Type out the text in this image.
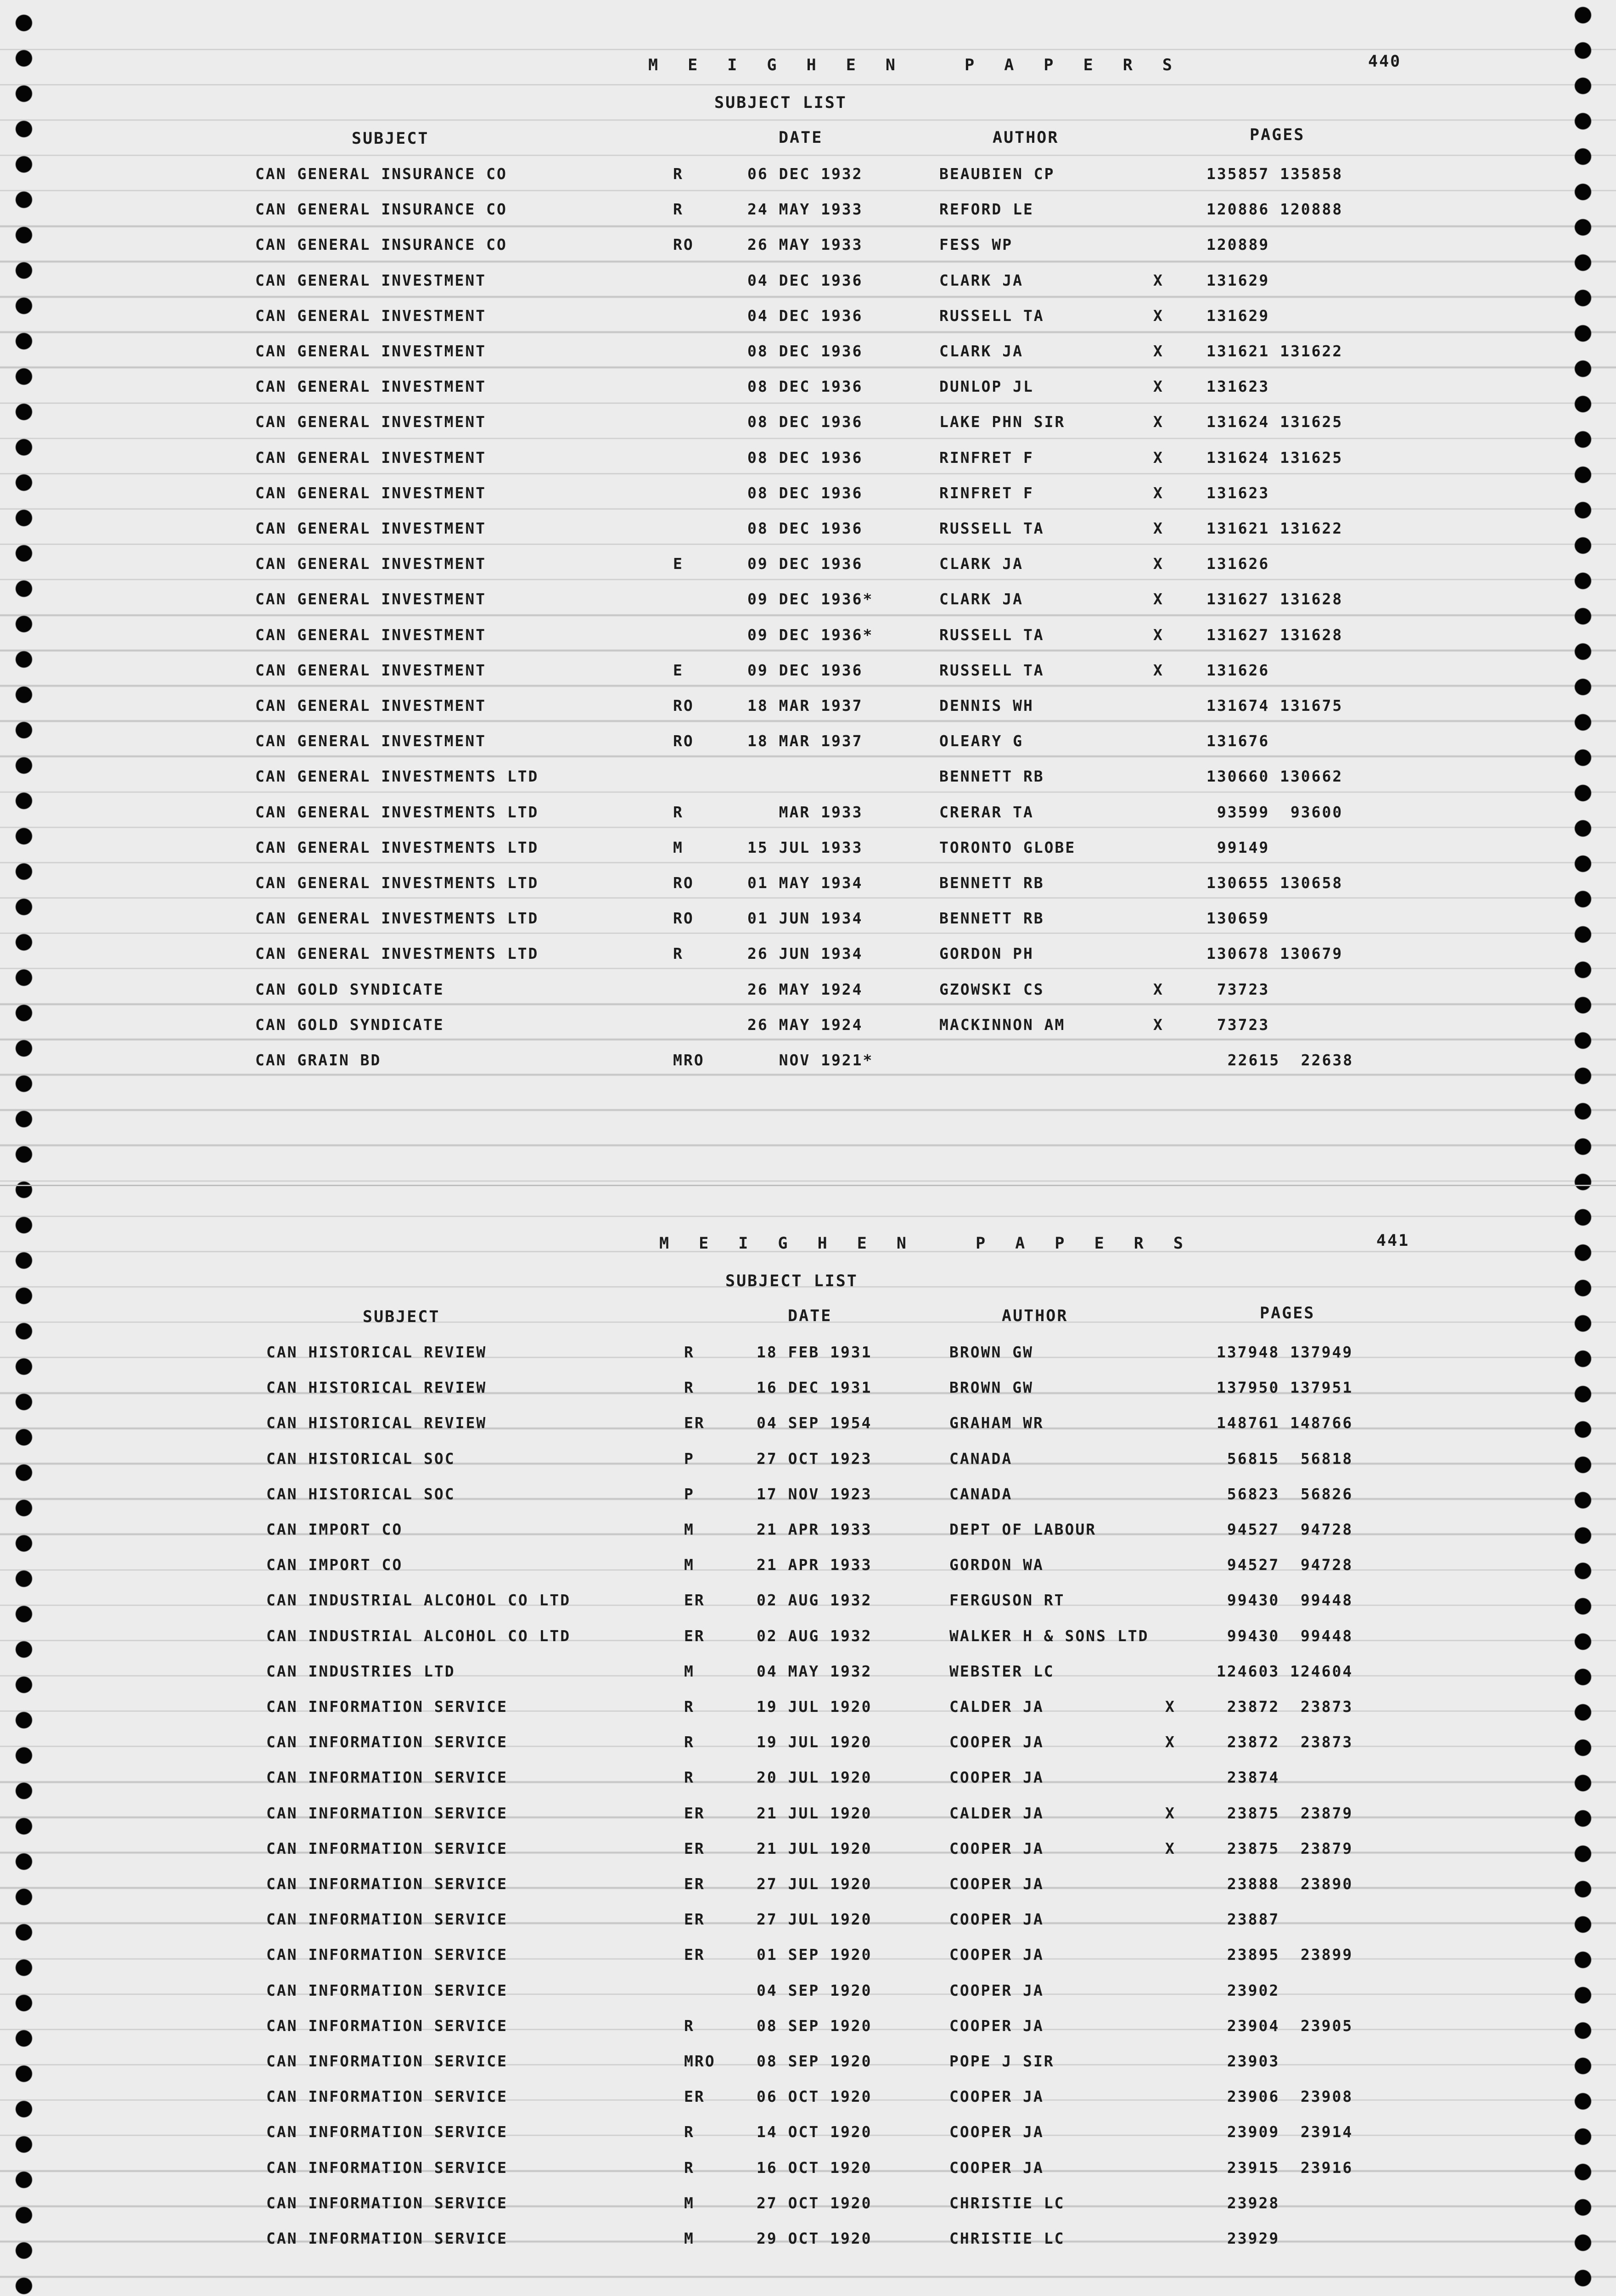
M E I G H E N   P A P E R S	440
SUBJECT LIST
SUBJECT	DATE	AUTHOR	PAGES
CAN GENERAL INSURANCE CO	R	06 DEC 1932	BEAUBIEN CP	135857 135858
CAN GENERAL INSURANCE CO	R	24 MAY 1933	REFORD LE	120886 120888
CAN GENERAL INSURANCE CO	RO	26 MAY 1933	FESS WP	120889
CAN GENERAL INVESTMENT	04 DEC 1936	CLARK JA	X	131629
CAN GENERAL INVESTMENT	04 DEC 1936	RUSSELL TA	X	131629
CAN GENERAL INVESTMENT	08 DEC 1936	CLARK JA	X	131621 131622
CAN GENERAL INVESTMENT	08 DEC 1936	DUNLOP JL	X	131623
CAN GENERAL INVESTMENT	08 DEC 1936	LAKE PHN SIR	X	131624 131625
CAN GENERAL INVESTMENT	08 DEC 1936	RINFRET F	X	131624 131625
CAN GENERAL INVESTMENT	08 DEC 1936	RINFRET F	X	131623
CAN GENERAL INVESTMENT	08 DEC 1936	RUSSELL TA	X	131621 131622
CAN GENERAL INVESTMENT	E	09 DEC 1936	CLARK JA	X	131626
CAN GENERAL INVESTMENT	09 DEC 1936*	CLARK JA	X	131627 131628
CAN GENERAL INVESTMENT	09 DEC 1936*	RUSSELL TA	X	131627 131628
CAN GENERAL INVESTMENT	E	09 DEC 1936	RUSSELL TA	X	131626
CAN GENERAL INVESTMENT	RO	18 MAR 1937	DENNIS WH	131674 131675
CAN GENERAL INVESTMENT	RO	18 MAR 1937	OLEARY G	131676
CAN GENERAL INVESTMENTS LTD	BENNETT RB	130660 130662
CAN GENERAL INVESTMENTS LTD	R	MAR 1933	CRERAR TA	93599  93600
CAN GENERAL INVESTMENTS LTD	M	15 JUL 1933	TORONTO GLOBE	99149
CAN GENERAL INVESTMENTS LTD	RO	01 MAY 1934	BENNETT RB	130655 130658
CAN GENERAL INVESTMENTS LTD	RO	01 JUN 1934	BENNETT RB	130659
CAN GENERAL INVESTMENTS LTD	R	26 JUN 1934	GORDON PH	130678 130679
CAN GOLD SYNDICATE	26 MAY 1924	GZOWSKI CS	X	73723
CAN GOLD SYNDICATE	26 MAY 1924	MACKINNON AM	X	73723
CAN GRAIN BD	MRO	NOV 1921*	22615  22638
M E I G H E N   P A P E R S	441
SUBJECT LIST
SUBJECT	DATE	AUTHOR	PAGES
CAN HISTORICAL REVIEW	R	18 FEB 1931	BROWN GW	137948 137949
CAN HISTORICAL REVIEW	R	16 DEC 1931	BROWN GW	137950 137951
CAN HISTORICAL REVIEW	ER	04 SEP 1954	GRAHAM WR	148761 148766
CAN HISTORICAL SOC	P	27 OCT 1923	CANADA	56815  56818
CAN HISTORICAL SOC	P	17 NOV 1923	CANADA	56823  56826
CAN IMPORT CO	M	21 APR 1933	DEPT OF LABOUR	94527  94728
CAN IMPORT CO	M	21 APR 1933	GORDON WA	94527  94728
CAN INDUSTRIAL ALCOHOL CO LTD	ER	02 AUG 1932	FERGUSON RT	99430  99448
CAN INDUSTRIAL ALCOHOL CO LTD	ER	02 AUG 1932	WALKER H & SONS LTD	99430  99448
CAN INDUSTRIES LTD	M	04 MAY 1932	WEBSTER LC	124603 124604
CAN INFORMATION SERVICE	R	19 JUL 1920	CALDER JA	X	23872  23873
CAN INFORMATION SERVICE	R	19 JUL 1920	COOPER JA	X	23872  23873
CAN INFORMATION SERVICE	R	20 JUL 1920	COOPER JA	23874
CAN INFORMATION SERVICE	ER	21 JUL 1920	CALDER JA	X	23875  23879
CAN INFORMATION SERVICE	ER	21 JUL 1920	COOPER JA	X	23875  23879
CAN INFORMATION SERVICE	ER	27 JUL 1920	COOPER JA	23888  23890
CAN INFORMATION SERVICE	ER	27 JUL 1920	COOPER JA	23887
CAN INFORMATION SERVICE	ER	01 SEP 1920	COOPER JA	23895  23899
CAN INFORMATION SERVICE	04 SEP 1920	COOPER JA	23902
CAN INFORMATION SERVICE	R	08 SEP 1920	COOPER JA	23904  23905
CAN INFORMATION SERVICE	MRO	08 SEP 1920	POPE J SIR	23903
CAN INFORMATION SERVICE	ER	06 OCT 1920	COOPER JA	23906  23908
CAN INFORMATION SERVICE	R	14 OCT 1920	COOPER JA	23909  23914
CAN INFORMATION SERVICE	R	16 OCT 1920	COOPER JA	23915  23916
CAN INFORMATION SERVICE	M	27 OCT 1920	CHRISTIE LC	23928
CAN INFORMATION SERVICE	M	29 OCT 1920	CHRISTIE LC	23929
